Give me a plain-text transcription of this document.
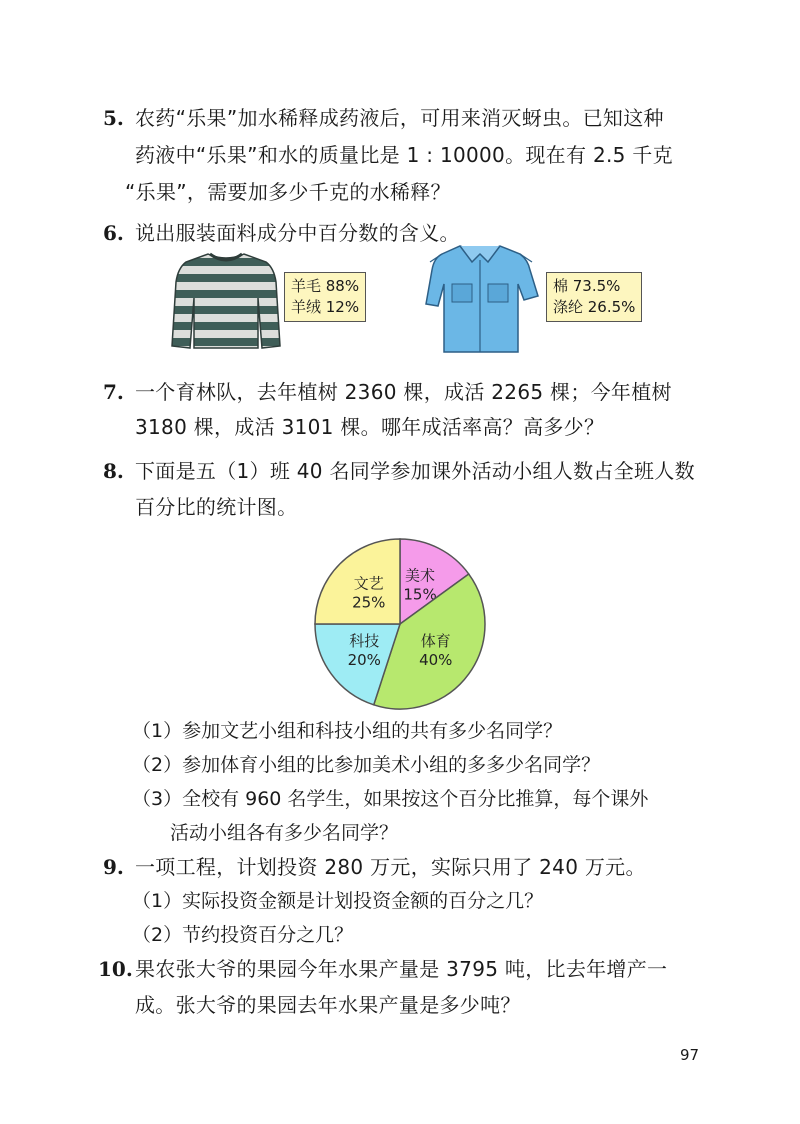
5. 农药“乐果”加水稀释成药液后，可用来消灭蚜虫。已知这种
药液中“乐果”和水的质量比是 1 : 10000。现在有 2.5 千克
“乐果”，需要加多少千克的水稀释？
6. 说出服装面料成分中百分数的含义。
羊毛 88%
羊绒 12%
棉 73.5%
涤纶 26.5%
7. 一个育林队，去年植树 2360 棵，成活 2265 棵；今年植树
3180 棵，成活 3101 棵。哪年成活率高？高多少？
8. 下面是五（1）班 40 名同学参加课外活动小组人数占全班人数
百分比的统计图。
美术
15%
体育
40%
科技
20%
文艺
25%
（1）参加文艺小组和科技小组的共有多少名同学？
（2）参加体育小组的比参加美术小组的多多少名同学？
（3）全校有 960 名学生，如果按这个百分比推算，每个课外
活动小组各有多少名同学？
9. 一项工程，计划投资 280 万元，实际只用了 240 万元。
（1）实际投资金额是计划投资金额的百分之几？
（2）节约投资百分之几？
10. 果农张大爷的果园今年水果产量是 3795 吨，比去年增产一
成。张大爷的果园去年水果产量是多少吨？
97
